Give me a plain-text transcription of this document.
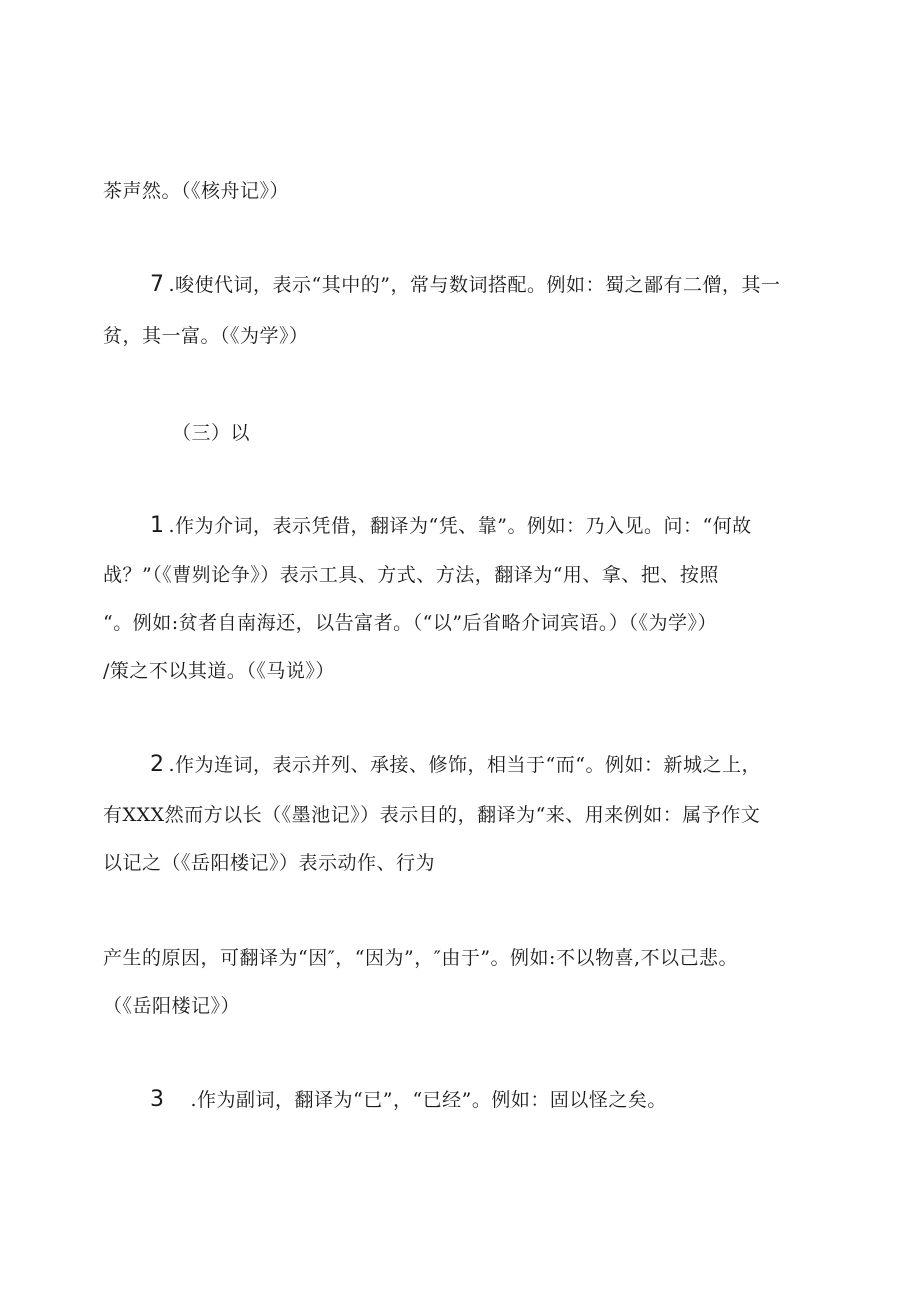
茶声然。（《核舟记》）
7 .唆使代词，表示“其中的”，常与数词搭配。例如：蜀之鄙有二僧，其一
贫，其一富。（《为学》）
（三）以
1 .作为介词，表示凭借，翻译为“凭、靠”。例如：乃入见。问：“何故
战？”（《曹刿论争》）表示工具、方式、方法，翻译为“用、拿、把、按照
“。例如:贫者自南海还，以告富者。（“以”后省略介词宾语。）（《为学》）
/策之不以其道。（《马说》）
2 .作为连词，表示并列、承接、修饰，相当于“而“。例如：新城之上，
有XXX然而方以长（《墨池记》）表示目的，翻译为“来、用来例如：属予作文
以记之（《岳阳楼记》）表示动作、行为
产生的原因，可翻译为“因″，“因为”，″由于”。例如:不以物喜,不以己悲。
（《岳阳楼记》）
3 .作为副词，翻译为“已”，“已经”。例如：固以怪之矣。
